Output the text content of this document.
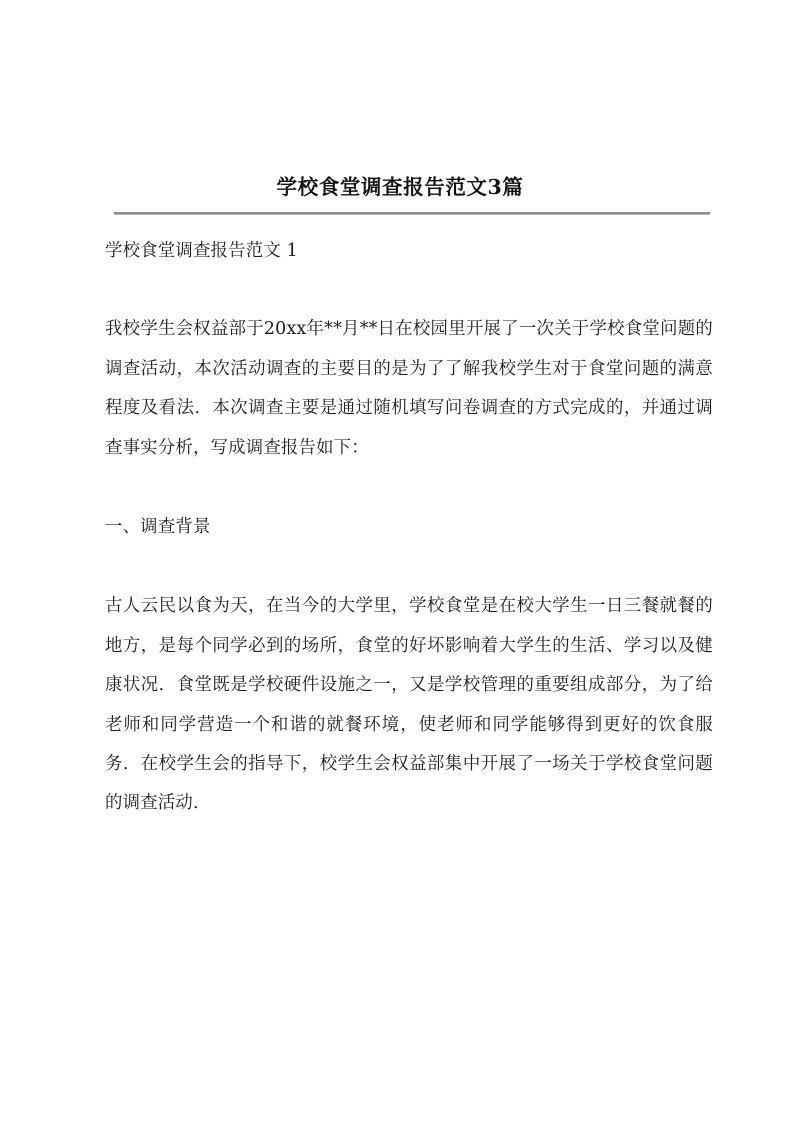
学校食堂调查报告范文3篇

学校食堂调查报告范文 1

我校学生会权益部于20xx年**月**日在校园里开展了一次关于学校食堂问题的调查活动，本次活动调查的主要目的是为了了解我校学生对于食堂问题的满意程度及看法．本次调查主要是通过随机填写问卷调查的方式完成的，并通过调查事实分析，写成调查报告如下：

一、调查背景

古人云民以食为天，在当今的大学里，学校食堂是在校大学生一日三餐就餐的地方，是每个同学必到的场所，食堂的好坏影响着大学生的生活、学习以及健康状况．食堂既是学校硬件设施之一，又是学校管理的重要组成部分，为了给老师和同学营造一个和谐的就餐环境，使老师和同学能够得到更好的饮食服务．在校学生会的指导下，校学生会权益部集中开展了一场关于学校食堂问题的调查活动．
